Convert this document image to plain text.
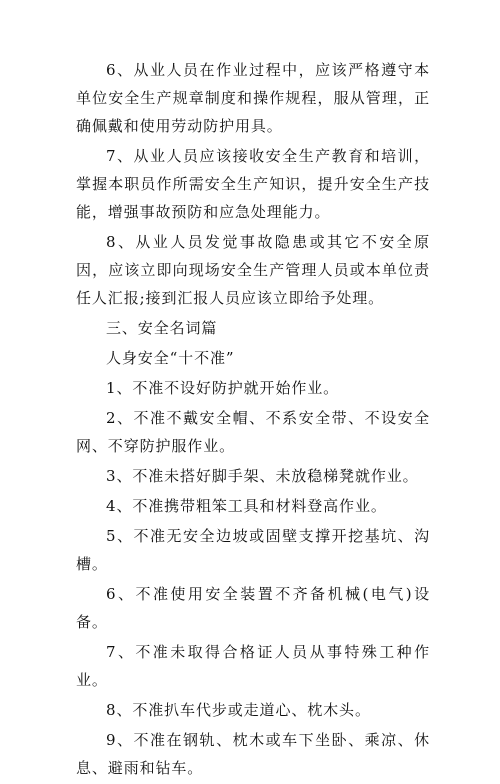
6、从业人员在作业过程中，应该严格遵守本单位安全生产规章制度和操作规程，服从管理，正确佩戴和使用劳动防护用具。

7、从业人员应该接收安全生产教育和培训，掌握本职员作所需安全生产知识，提升安全生产技能，增强事故预防和应急处理能力。

8、从业人员发觉事故隐患或其它不安全原因，应该立即向现场安全生产管理人员或本单位责任人汇报;接到汇报人员应该立即给予处理。

三、安全名词篇

人身安全“十不准”

1、不准不设好防护就开始作业。

2、不准不戴安全帽、不系安全带、不设安全网、不穿防护服作业。

3、不准未搭好脚手架、未放稳梯凳就作业。

4、不准携带粗笨工具和材料登高作业。

5、不准无安全边坡或固壁支撑开挖基坑、沟槽。

6、不准使用安全装置不齐备机械(电气)设备。

7、不准未取得合格证人员从事特殊工种作业。

8、不准扒车代步或走道心、枕木头。

9、不准在钢轨、枕木或车下坐卧、乘凉、休息、避雨和钻车。
